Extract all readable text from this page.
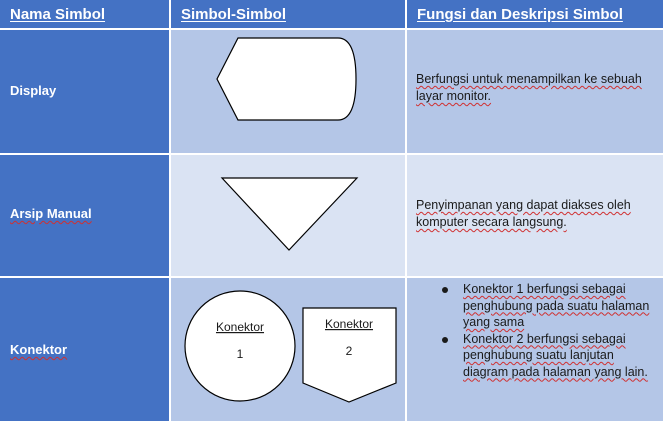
Nama Simbol	Simbol-Simbol	Fungsi dan Deskripsi Simbol
Display
Berfungsi untuk menampilkan ke sebuah layar monitor.
Arsip Manual
Penyimpanan yang dapat diakses oleh komputer secara langsung.
Konektor
Konektor
1
Konektor
2
Konektor 1 berfungsi sebagai penghubung pada suatu halaman yang sama
Konektor 2 berfungsi sebagai penghubung suatu lanjutan diagram pada halaman yang lain.
